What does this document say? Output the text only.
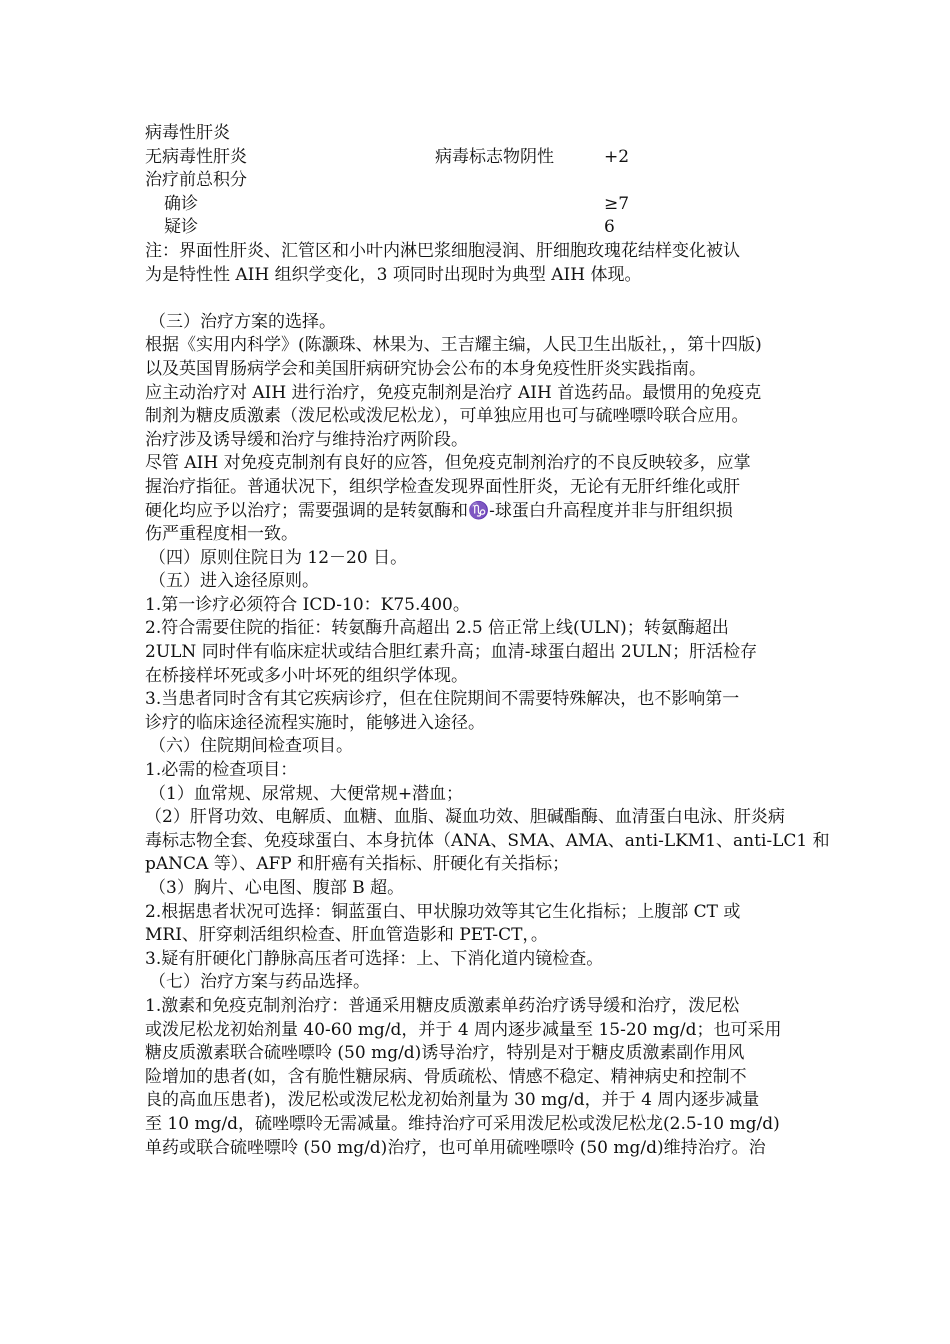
病毒性肝炎
无病毒性肝炎	病毒标志物阴性	+2
治疗前总积分
确诊	≥7
疑诊	6
注：界面性肝炎、汇管区和小叶内淋巴浆细胞浸润、肝细胞玫瑰花结样变化被认
为是特性性 AIH 组织学变化，3 项同时出现时为典型 AIH 体现。
（三）治疗方案的选择。
根据《实用内科学》(陈灏珠、林果为、王吉耀主编，人民卫生出版社，，第十四版)
以及英国胃肠病学会和美国肝病研究协会公布的本身免疫性肝炎实践指南。
应主动治疗对 AIH 进行治疗，免疫克制剂是治疗 AIH 首选药品。最惯用的免疫克
制剂为糖皮质激素（泼尼松或泼尼松龙），可单独应用也可与硫唑嘌呤联合应用。
治疗涉及诱导缓和治疗与维持治疗两阶段。
尽管 AIH 对免疫克制剂有良好的应答，但免疫克制剂治疗的不良反映较多，应掌
握治疗指征。普通状况下，组织学检查发现界面性肝炎，无论有无肝纤维化或肝
硬化均应予以治疗；需要强调的是转氨酶和♑-球蛋白升高程度并非与肝组织损
伤严重程度相一致。
（四）原则住院日为 12－20 日。
（五）进入途径原则。
1.第一诊疗必须符合 ICD-10：K75.400。
2.符合需要住院的指征：转氨酶升高超出 2.5 倍正常上线(ULN)；转氨酶超出
2ULN 同时伴有临床症状或结合胆红素升高；血清-球蛋白超出 2ULN；肝活检存
在桥接样坏死或多小叶坏死的组织学体现。
3.当患者同时含有其它疾病诊疗，但在住院期间不需要特殊解决，也不影响第一
诊疗的临床途径流程实施时，能够进入途径。
（六）住院期间检查项目。
1.必需的检查项目：
（1）血常规、尿常规、大便常规+潜血；
（2）肝肾功效、电解质、血糖、血脂、凝血功效、胆碱酯酶、血清蛋白电泳、肝炎病
毒标志物全套、免疫球蛋白、本身抗体（ANA、SMA、AMA、anti-LKM1、anti-LC1 和
pANCA 等）、AFP 和肝癌有关指标、肝硬化有关指标；
（3）胸片、心电图、腹部 B 超。
2.根据患者状况可选择：铜蓝蛋白、甲状腺功效等其它生化指标；上腹部 CT 或
MRI、肝穿刺活组织检查、肝血管造影和 PET-CT，。
3.疑有肝硬化门静脉高压者可选择：上、下消化道内镜检查。
（七）治疗方案与药品选择。
1.激素和免疫克制剂治疗：普通采用糖皮质激素单药治疗诱导缓和治疗，泼尼松
或泼尼松龙初始剂量 40-60 mg/d，并于 4 周内逐步减量至 15-20 mg/d；也可采用
糖皮质激素联合硫唑嘌呤 (50 mg/d)诱导治疗，特别是对于糖皮质激素副作用风
险增加的患者(如，含有脆性糖尿病、骨质疏松、情感不稳定、精神病史和控制不
良的高血压患者)，泼尼松或泼尼松龙初始剂量为 30 mg/d，并于 4 周内逐步减量
至 10 mg/d，硫唑嘌呤无需减量。维持治疗可采用泼尼松或泼尼松龙(2.5-10 mg/d)
单药或联合硫唑嘌呤 (50 mg/d)治疗，也可单用硫唑嘌呤 (50 mg/d)维持治疗。治
